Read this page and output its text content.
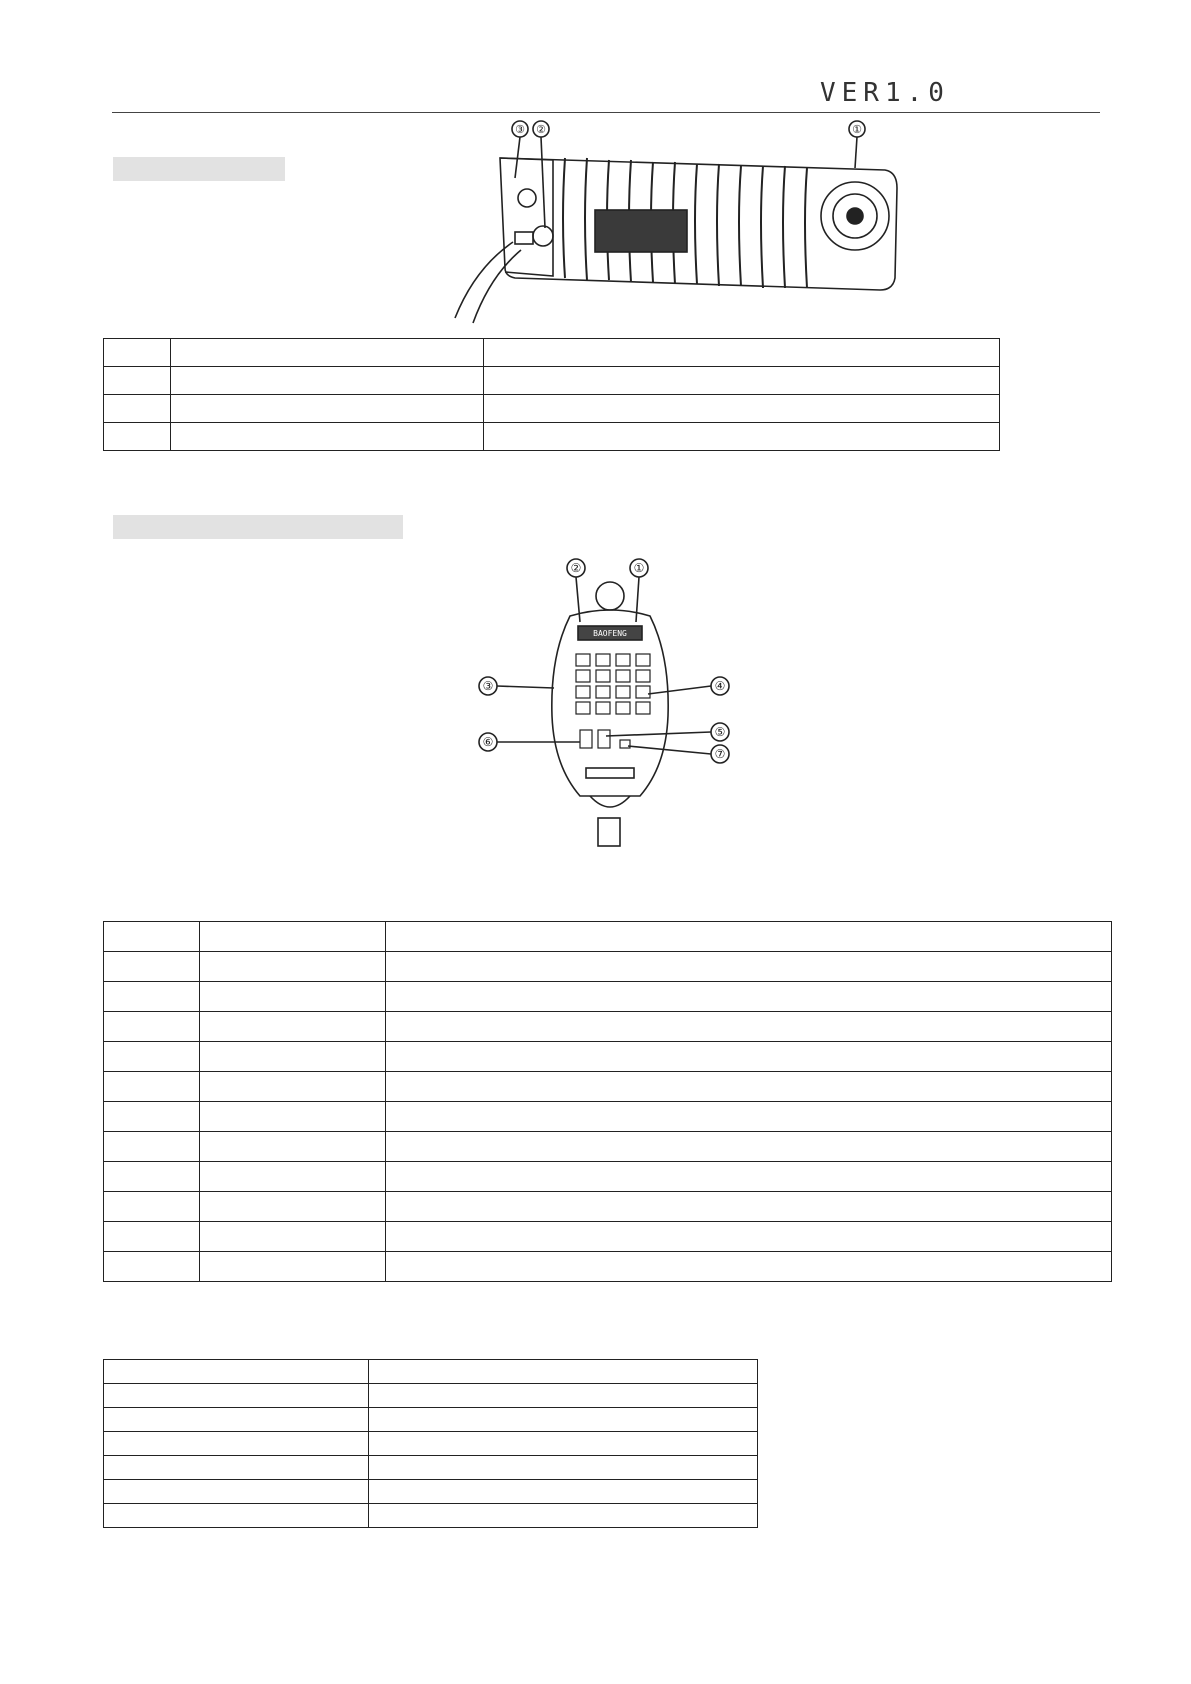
VER1.0
③ ②	①

BAOFENG
②	①
③	④
⑥
⑤
⑦
